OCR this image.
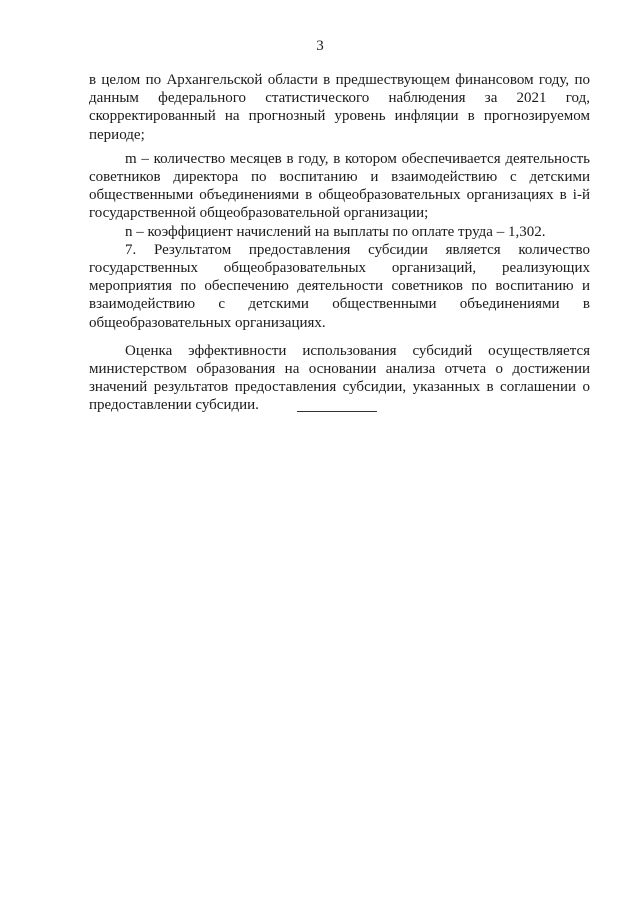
3

в целом по Архангельской области в предшествующем финансовом году, по данным федерального статистического наблюдения за 2021 год, скорректированный на прогнозный уровень инфляции в прогнозируемом периоде;

m – количество месяцев в году, в котором обеспечивается деятельность советников директора по воспитанию и взаимодействию с детскими общественными объединениями в общеобразовательных организациях в i-й государственной общеобразовательной организации;

n – коэффициент начислений на выплаты по оплате труда – 1,302.

7. Результатом предоставления субсидии является количество государственных общеобразовательных организаций, реализующих мероприятия по обеспечению деятельности советников по воспитанию и взаимодействию с детскими общественными объединениями в общеобразовательных организациях.

Оценка эффективности использования субсидий осуществляется министерством образования на основании анализа отчета о достижении значений результатов предоставления субсидии, указанных в соглашении о предоставлении субсидии.
